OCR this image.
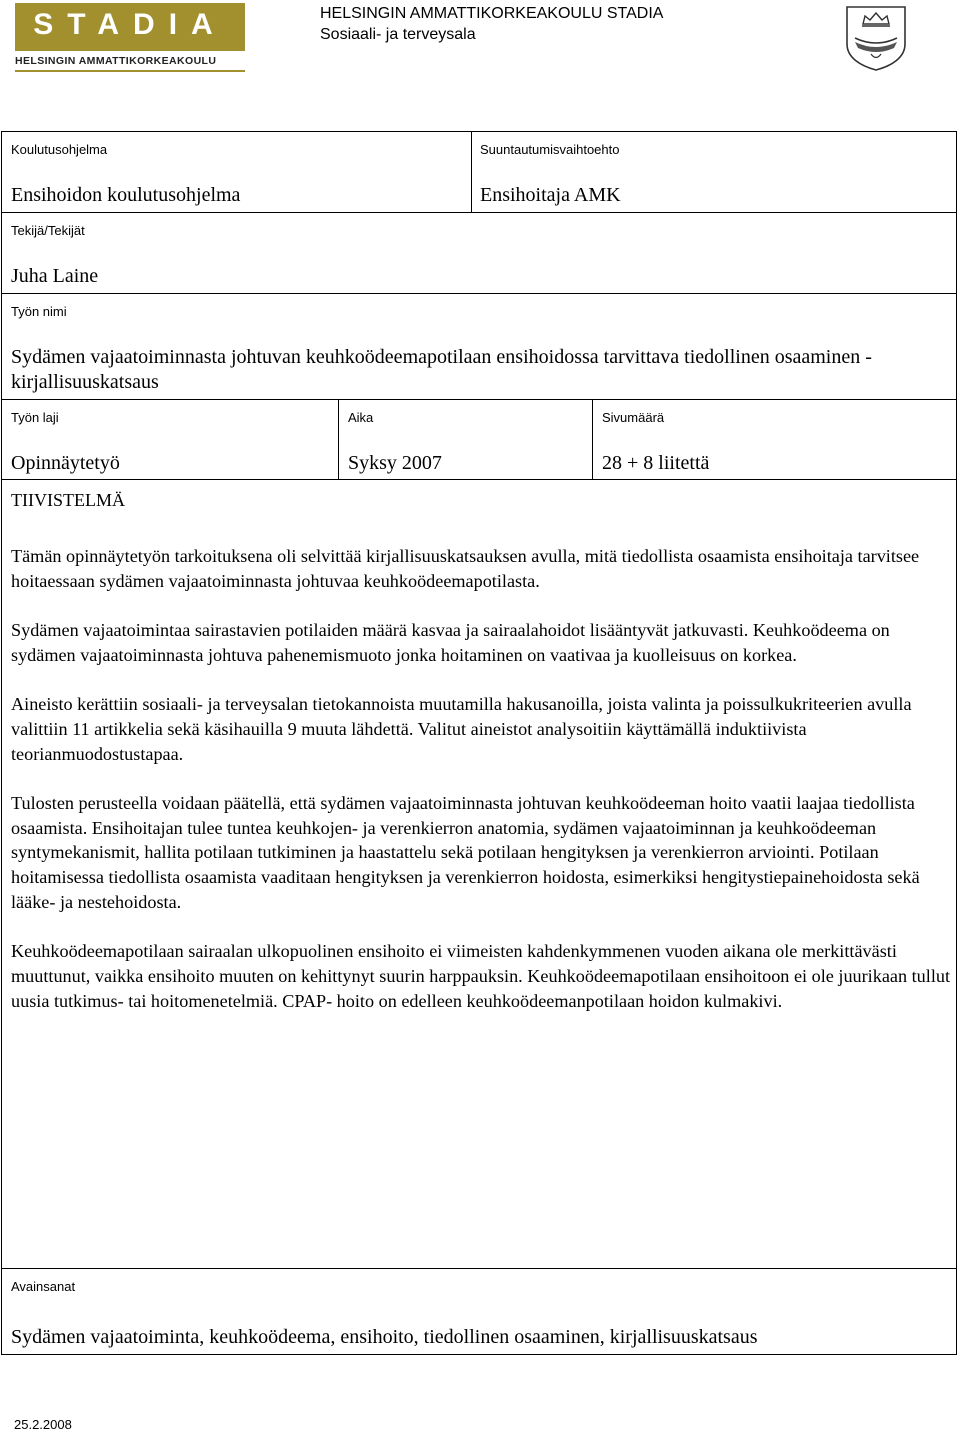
STADIA
HELSINGIN AMMATTIKORKEAKOULU
HELSINGIN AMMATTIKORKEAKOULU STADIA
Sosiaali- ja terveysala
Koulutusohjelma
Ensihoidon koulutusohjelma
Suuntautumisvaihtoehto
Ensihoitaja AMK
Tekijä/Tekijät
Juha Laine
Työn nimi
Sydämen vajaatoiminnasta johtuvan keuhkoödeemapotilaan ensihoidossa tarvittava tiedollinen osaaminen - kirjallisuuskatsaus
Työn laji
Opinnäytetyö
Aika
Syksy 2007
Sivumäärä
28 + 8 liitettä
TIIVISTELMÄ

Tämän opinnäytetyön tarkoituksena oli selvittää kirjallisuuskatsauksen avulla, mitä tiedollista osaamista ensihoitaja tarvitsee hoitaessaan sydämen vajaatoiminnasta johtuvaa keuhkoödeemapotilasta.

Sydämen vajaatoimintaa sairastavien potilaiden määrä kasvaa ja sairaalahoidot lisääntyvät jatkuvasti. Keuhkoödeema on sydämen vajaatoiminnasta johtuva pahenemismuoto jonka hoitaminen on vaativaa ja kuolleisuus on korkea.

Aineisto kerättiin sosiaali- ja terveysalan tietokannoista muutamilla hakusanoilla, joista valinta ja poissulkukriteerien avulla valittiin 11 artikkelia sekä käsihauilla 9 muuta lähdettä. Valitut aineistot analysoitiin käyttämällä induktiivista teorianmuodostustapaa.

Tulosten perusteella voidaan päätellä, että sydämen vajaatoiminnasta johtuvan keuhkoödeeman hoito vaatii laajaa tiedollista osaamista. Ensihoitajan tulee tuntea keuhkojen- ja verenkierron anatomia, sydämen vajaatoiminnan ja keuhkoödeeman syntymekanismit, hallita potilaan tutkiminen ja haastattelu sekä potilaan hengityksen ja verenkierron arviointi. Potilaan hoitamisessa tiedollista osaamista vaaditaan hengityksen ja verenkierron hoidosta, esimerkiksi hengitystiepainehoidosta sekä lääke- ja nestehoidosta.

Keuhkoödeemapotilaan sairaalan ulkopuolinen ensihoito ei viimeisten kahdenkymmenen vuoden aikana ole merkittävästi muuttunut, vaikka ensihoito muuten on kehittynyt suurin harppauksin. Keuhkoödeemapotilaan ensihoitoon ei ole juurikaan tullut uusia tutkimus- tai hoitomenetelmiä. CPAP- hoito on edelleen keuhkoödeemanpotilaan hoidon kulmakivi.

Avainsanat
Sydämen vajaatoiminta, keuhkoödeema, ensihoito, tiedollinen osaaminen, kirjallisuuskatsaus
25.2.2008
